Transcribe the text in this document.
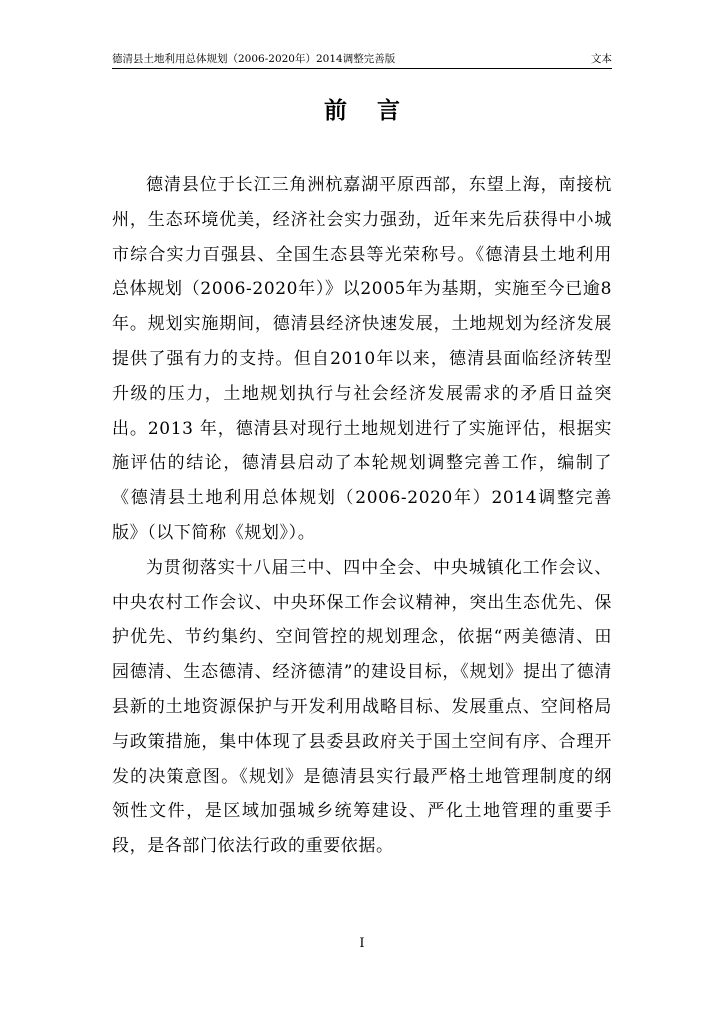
德清县土地利用总体规划（2006-2020年）2014调整完善版	文本
前言

德清县位于长江三角洲杭嘉湖平原西部，东望上海，南接杭州，生态环境优美，经济社会实力强劲，近年来先后获得中小城市综合实力百强县、全国生态县等光荣称号。《德清县土地利用总体规划（2006-2020年）》以2005年为基期，实施至今已逾8年。规划实施期间，德清县经济快速发展，土地规划为经济发展提供了强有力的支持。但自2010年以来，德清县面临经济转型升级的压力，土地规划执行与社会经济发展需求的矛盾日益突出。2013 年，德清县对现行土地规划进行了实施评估，根据实施评估的结论，德清县启动了本轮规划调整完善工作，编制了《德清县土地利用总体规划（2006-2020年）2014调整完善版》（以下简称《规划》）。

为贯彻落实十八届三中、四中全会、中央城镇化工作会议、中央农村工作会议、中央环保工作会议精神，突出生态优先、保护优先、节约集约、空间管控的规划理念，依据“两美德清、田园德清、生态德清、经济德清”的建设目标，《规划》提出了德清县新的土地资源保护与开发利用战略目标、发展重点、空间格局与政策措施，集中体现了县委县政府关于国土空间有序、合理开发的决策意图。《规划》是德清县实行最严格土地管理制度的纲领性文件，是区域加强城乡统筹建设、严化土地管理的重要手段，是各部门依法行政的重要依据。

I
